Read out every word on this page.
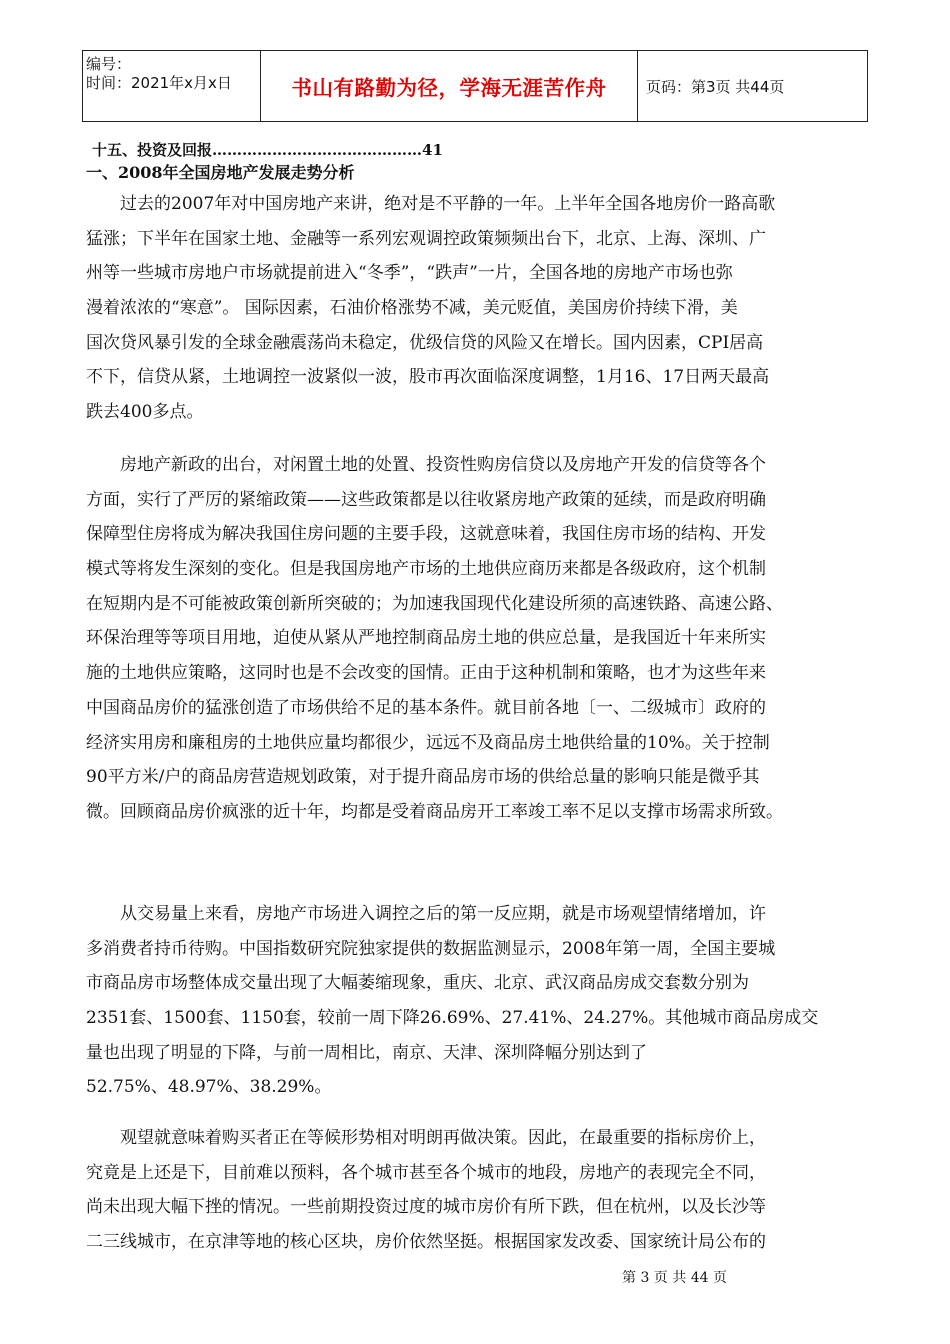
编号：
时间：2021年x月x日	书山有路勤为径，学海无涯苦作舟	页码：第3页 共44页
十五、投资及回报……………………………………41
一、2008年全国房地产发展走势分析
　　过去的2007年对中国房地产来讲，绝对是不平静的一年。上半年全国各地房价一路高歌
猛涨；下半年在国家土地、金融等一系列宏观调控政策频频出台下，北京、上海、深圳、广
州等一些城市房地户市场就提前进入“冬季”，“跌声”一片，全国各地的房地产市场也弥
漫着浓浓的“寒意”。 国际因素，石油价格涨势不减，美元贬值，美国房价持续下滑，美
国次贷风暴引发的全球金融震荡尚未稳定，优级信贷的风险又在增长。国内因素，CPI居高
不下，信贷从紧，土地调控一波紧似一波，股市再次面临深度调整，1月16、17日两天最高
跌去400多点。
　　房地产新政的出台，对闲置土地的处置、投资性购房信贷以及房地产开发的信贷等各个
方面，实行了严厉的紧缩政策——这些政策都是以往收紧房地产政策的延续，而是政府明确
保障型住房将成为解决我国住房问题的主要手段，这就意味着，我国住房市场的结构、开发
模式等将发生深刻的变化。但是我国房地产市场的土地供应商历来都是各级政府，这个机制
在短期内是不可能被政策创新所突破的；为加速我国现代化建设所须的高速铁路、高速公路、
环保治理等等项目用地，迫使从紧从严地控制商品房土地的供应总量，是我国近十年来所实
施的土地供应策略，这同时也是不会改变的国情。正由于这种机制和策略，也才为这些年来
中国商品房价的猛涨创造了市场供给不足的基本条件。就目前各地〔一、二级城市〕政府的
经济实用房和廉租房的土地供应量均都很少，远远不及商品房土地供给量的10%。关于控制
90平方米/户的商品房营造规划政策，对于提升商品房市场的供给总量的影响只能是微乎其
微。回顾商品房价疯涨的近十年，均都是受着商品房开工率竣工率不足以支撑市场需求所致。
　　从交易量上来看，房地产市场进入调控之后的第一反应期，就是市场观望情绪增加，许
多消费者持币待购。中国指数研究院独家提供的数据监测显示，2008年第一周，全国主要城
市商品房市场整体成交量出现了大幅萎缩现象，重庆、北京、武汉商品房成交套数分别为
2351套、1500套、1150套，较前一周下降26.69%、27.41%、24.27%。其他城市商品房成交
量也出现了明显的下降，与前一周相比，南京、天津、深圳降幅分别达到了
52.75%、48.97%、38.29%。
　　观望就意味着购买者正在等候形势相对明朗再做决策。因此，在最重要的指标房价上，
究竟是上还是下，目前难以预料，各个城市甚至各个城市的地段，房地产的表现完全不同，
尚未出现大幅下挫的情况。一些前期投资过度的城市房价有所下跌，但在杭州，以及长沙等
二三线城市，在京津等地的核心区块，房价依然坚挺。根据国家发改委、国家统计局公布的
第 3 页 共 44 页
